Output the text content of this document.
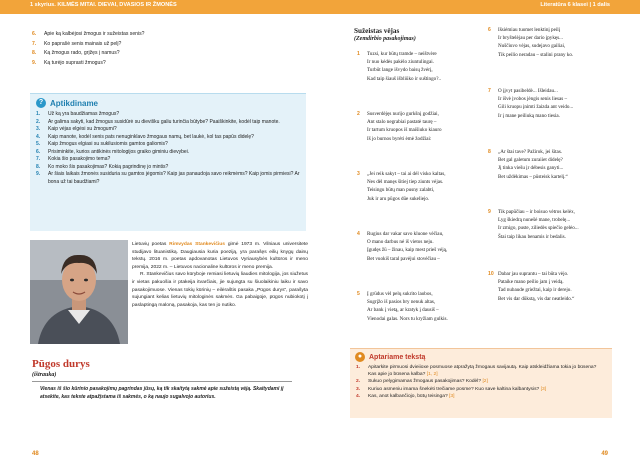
1 skyrius. KILMĖS MITAI. DIEVAI, DVASIOS IR ŽMONĖS	Literatūra 6 klasei | 1 dalis
6.	Apie ką kalbėjosi žmogus ir sužeistas senis?
7.	Ko paprašė senis mainais už pelį?
8.	Ką žmogus rado, grįžęs į namus?
9.	Ką turėjo suprasti žmogus?
? Aptikdiname
1.	Už ką yra baudžiamas žmogus?
2.	Ar galima sakyti, kad žmogus susidūrė su dievišku galiu turinčia būtybe? Paaiškinkite, kodėl taip manote.
3.	Kaip vėjas elgėsi su žmogumi?
4.	Kaip manote, kodėl senis pats nenuginklavo žmogaus namų, bet laukė, kol tas papūs didelę?
5.	Kaip žmogus elgiasi su sukilusiomis gamtos galiomis?
6.	Prisiminkite, kurios antikinės mitologijos graiko giminiu dievybei.
7.	Kokia šio pasakojimo tema?
8.	Ko moko šis pasakojimas? Kokią pagrindinę jo mintis?
9.	Ar šiais laikais žmonės susiduria su gamtos jėgomis? Kaip jas panaudoja savo reikmėms? Kaip jomis pirmiesi? Ar bona už tai baudžiami?

Lietuvių poetas Rimvydas Stankevičius gimė 1973 m. Vilniaus universitete studijavo lituanistiką. Daugiausia kuria poeziją, yra parašęs eilių knygų dainų tekstų. 2016 m. poetas apdovanotas Lietuvos Vyriausybės kultūros ir meno premija, 2022 m. – Lietuvos nacionaline kultūros ir meno premija.

R. Stankevičius savo kūryboje remiasi lietuvių liaudies mitologija, jos siužetus ir vietas pakuošia ir ptakeija itvarčiais, jie sujungta su šiuolaikiniu laiku ir savo pasakojimuose. Vienas tokių kūrinių – eilėraštis pasaka „Pūgos durys“, parašyta sujungiant kelias lietuvių mitologinės sakmės. Ga pabaigoje, pūgos nubiokotį į paslaptingą maloną, pasakoja, kas ten jo nutiko.

Pūgos durys
(ištrauka)
Vienas iš šio kūrinio pasakojimų pagrindas jūsų, ką tik skaitytą sakmė apie sužeistą vėją. Skaitydami įį atsekite, kas tekste atpažįstama iš sakmės, o ką naujo sugalvojo autorius.
48
Sužeistas vėjas
(Zemdirbio pasakojimas)
1 Tuzsi, kur būtų tramde – neištvėre
Ir nuo kėdės pakėlo ziuntulingai.
Turbūt lange išvydo baisų žvėrį,
Kad taip šiauš išbliūko ir suštingo?..
2 Susverdėjęs nurijo gurkšnį godžiai,
Ant stalo negrabiai pastatė taurę –
Ir tartum kruopos iš maišiuko kiauro
Iš jo burnos byrėti ėmė žodžiai:
3 „Jei reik sakyt – tai ai dėl visko kaltas,
Nes dėl manęs šitiej tiep ziunts vėjas.
Teisingu būtų man pusny zalabti,
Juk ir aru pūgos dūe sukeliejo.
4 Rugius dar vakar savo kluone vėčiau,
O mano darbus nė iš vietos neju.
Įgudęs žū – žinau, kaip mest prieš vėją,
Bet vuokiš taral pavėjui stovėčiau –
5 Į grūdus vėl pelų sukrito laobos,
Sugrįžo iš pasios bry nenuk altas,
Ar bank į vietą, ar kratyk į dausiš –
Vienodai galas. Nors tu kryžiam gulkis.
6 Išsiėmiau tuomet lenktinį peilį
Ir bryštelėjau per dario įpykęs...
Nuščiuvo vėjas, sudejavo gailiai,
Tik peilio neradau – stalini prany ko.
7 O įįvyt pasibeldė... Išleidau...
Ir išvė įvobos jėngis senis liesas –
Gili kruopu įnimti žaizda ant veido...
Ir į mane peiliuką mano tiesia.
8 „Ar štai tave? Pažirok, jei šitas.
Bet gal galetum zuraiiet didelę?
Jį tinka viešu įr dėbesis ganyti...
Bet uždėkimas – pūsteisk kartelį.“
9 Tik papūčiau – ir boisuo vėtros kelėx,
Lyg škiedrą nunešė mane, trobelę...
Ir zmigo, puste, ziliedės spiečio gelėo...
Štai taip likau benamis ir bedalis.
10 Dabar jau suprantu – tai būta vėjo.
Pataike mano peilio jam į veidą.
Tad nubaude griežtai, kaip ir derejo.
Bet vis dar dūkstą, vis dar neatleido.“
● Aptariame tekstą
1.	Apitarkite pirmuosi dvieiioxe posmuose atpražytą žmogaus savijautą. Kaip atskleidžiama tokia jo būsena? Kas apie jo būsena kalba? [1, 2]
2.	Sukuo pelygimamas žmogaus pasakojimas? Kodėl? [2]
3.	Kuriuo asmeniu imama šnekėti trečiame posme? Kuo save kaltina kalbantysis? [3]
4.	Kas, anot kalbančiojo, būtų teisinga? [3]
49
